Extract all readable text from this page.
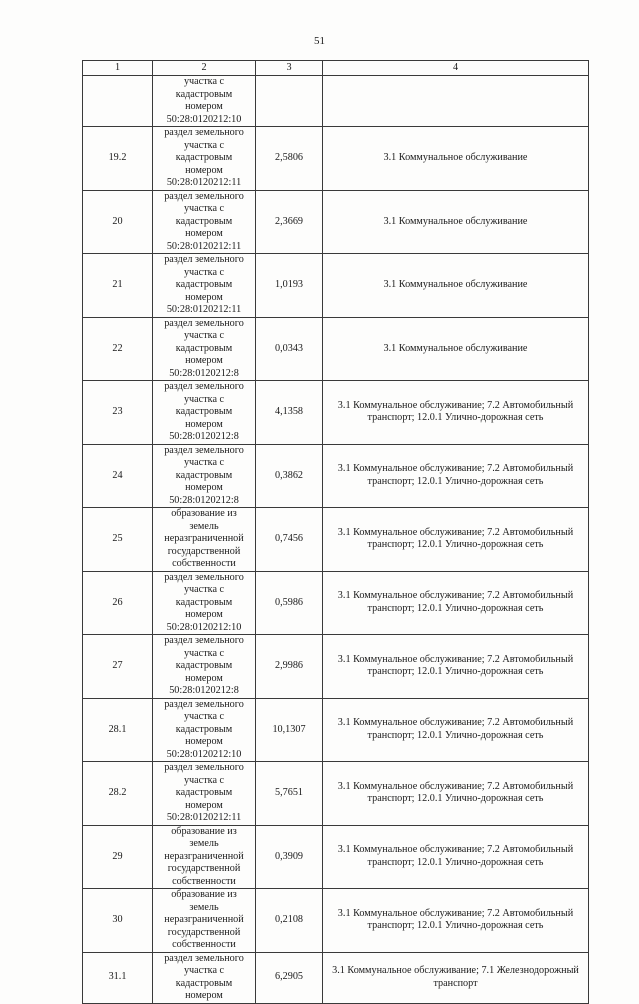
51
1	2	3	4
	участка с кадастровым номером 50:28:0120212:10		
19.2	раздел земельного участка с кадастровым номером 50:28:0120212:11	2,5806	3.1 Коммунальное обслуживание
20	раздел земельного участка с кадастровым номером 50:28:0120212:11	2,3669	3.1 Коммунальное обслуживание
21	раздел земельного участка с кадастровым номером 50:28:0120212:11	1,0193	3.1 Коммунальное обслуживание
22	раздел земельного участка с кадастровым номером 50:28:0120212:8	0,0343	3.1 Коммунальное обслуживание
23	раздел земельного участка с кадастровым номером 50:28:0120212:8	4,1358	3.1 Коммунальное обслуживание; 7.2 Автомобильный транспорт; 12.0.1 Улично-дорожная сеть
24	раздел земельного участка с кадастровым номером 50:28:0120212:8	0,3862	3.1 Коммунальное обслуживание; 7.2 Автомобильный транспорт; 12.0.1 Улично-дорожная сеть
25	образование из земель неразграниченной государственной собственности	0,7456	3.1 Коммунальное обслуживание; 7.2 Автомобильный транспорт; 12.0.1 Улично-дорожная сеть
26	раздел земельного участка с кадастровым номером 50:28:0120212:10	0,5986	3.1 Коммунальное обслуживание; 7.2 Автомобильный транспорт; 12.0.1 Улично-дорожная сеть
27	раздел земельного участка с кадастровым номером 50:28:0120212:8	2,9986	3.1 Коммунальное обслуживание; 7.2 Автомобильный транспорт; 12.0.1 Улично-дорожная сеть
28.1	раздел земельного участка с кадастровым номером 50:28:0120212:10	10,1307	3.1 Коммунальное обслуживание; 7.2 Автомобильный транспорт; 12.0.1 Улично-дорожная сеть
28.2	раздел земельного участка с кадастровым номером 50:28:0120212:11	5,7651	3.1 Коммунальное обслуживание; 7.2 Автомобильный транспорт; 12.0.1 Улично-дорожная сеть
29	образование из земель неразграниченной государственной собственности	0,3909	3.1 Коммунальное обслуживание; 7.2 Автомобильный транспорт; 12.0.1 Улично-дорожная сеть
30	образование из земель неразграниченной государственной собственности	0,2108	3.1 Коммунальное обслуживание; 7.2 Автомобильный транспорт; 12.0.1 Улично-дорожная сеть
31.1	раздел земельного участка с кадастровым номером	6,2905	3.1 Коммунальное обслуживание; 7.1 Железнодорожный транспорт
